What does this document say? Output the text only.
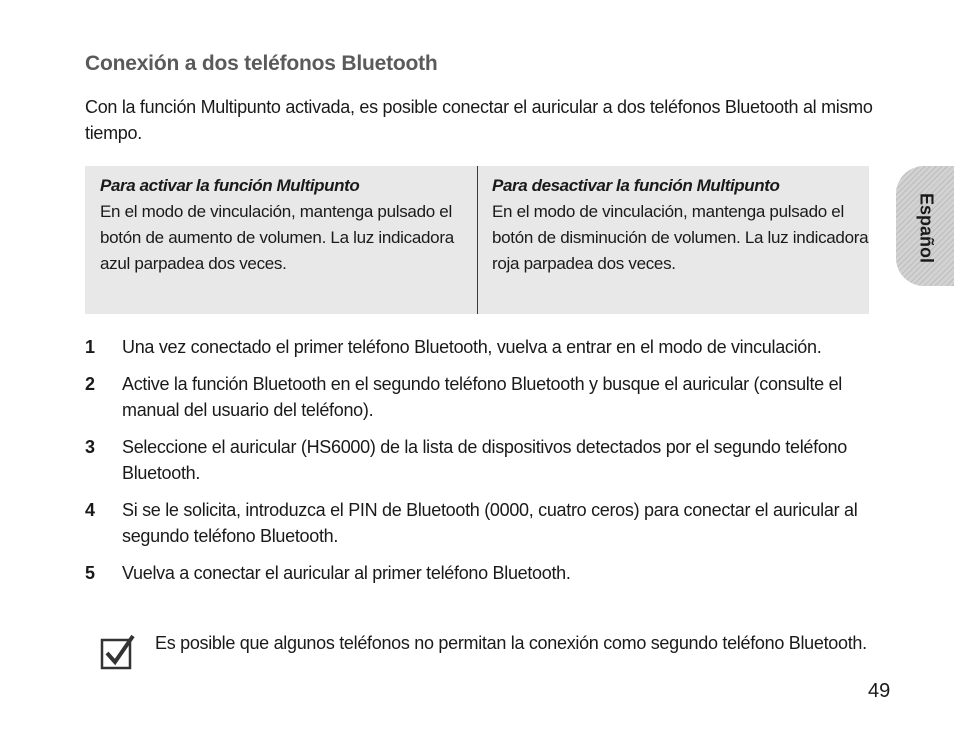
Conexión a dos teléfonos Bluetooth
Con la función Multipunto activada, es posible conectar el auricular a dos teléfonos Bluetooth al mismo tiempo.
Para activar la función Multipunto
En el modo de vinculación, mantenga pulsado el botón de aumento de volumen. La luz indicadora azul parpadea dos veces.
Para desactivar la función Multipunto
En el modo de vinculación, mantenga pulsado el botón de disminución de volumen. La luz indicadora roja parpadea dos veces.
1 Una vez conectado el primer teléfono Bluetooth, vuelva a entrar en el modo de vinculación.
2 Active la función Bluetooth en el segundo teléfono Bluetooth y busque el auricular (consulte el manual del usuario del teléfono).
3 Seleccione el auricular (HS6000) de la lista de dispositivos detectados por el segundo teléfono Bluetooth.
4 Si se le solicita, introduzca el PIN de Bluetooth (0000, cuatro ceros) para conectar el auricular al segundo teléfono Bluetooth.
5 Vuelva a conectar el auricular al primer teléfono Bluetooth.
Es posible que algunos teléfonos no permitan la conexión como segundo teléfono Bluetooth.
49
Español
